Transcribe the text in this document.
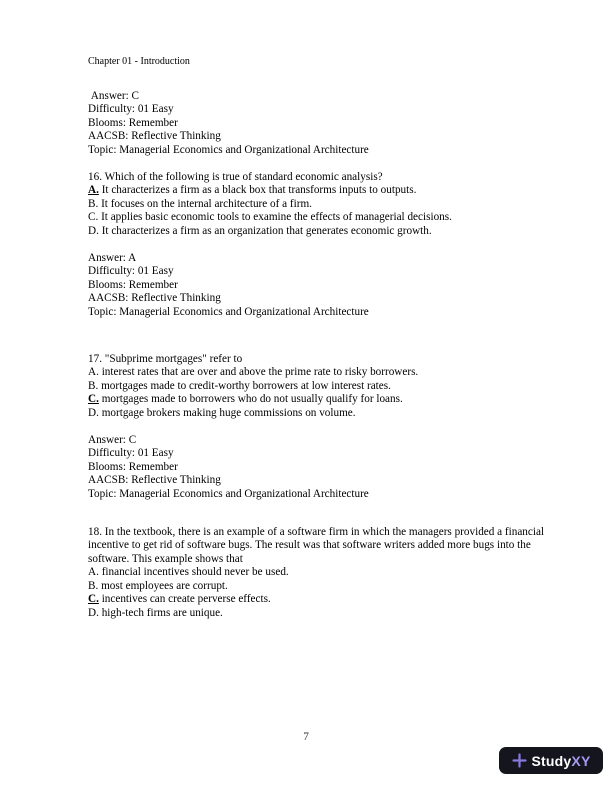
Chapter 01 - Introduction
Answer: C
Difficulty: 01 Easy
Blooms: Remember
AACSB: Reflective Thinking
Topic: Managerial Economics and Organizational Architecture
16. Which of the following is true of standard economic analysis?
A. It characterizes a firm as a black box that transforms inputs to outputs.
B. It focuses on the internal architecture of a firm.
C. It applies basic economic tools to examine the effects of managerial decisions.
D. It characterizes a firm as an organization that generates economic growth.
Answer: A
Difficulty: 01 Easy
Blooms: Remember
AACSB: Reflective Thinking
Topic: Managerial Economics and Organizational Architecture
17. "Subprime mortgages" refer to
A. interest rates that are over and above the prime rate to risky borrowers.
B. mortgages made to credit-worthy borrowers at low interest rates.
C. mortgages made to borrowers who do not usually qualify for loans.
D. mortgage brokers making huge commissions on volume.
Answer: C
Difficulty: 01 Easy
Blooms: Remember
AACSB: Reflective Thinking
Topic: Managerial Economics and Organizational Architecture
18. In the textbook, there is an example of a software firm in which the managers provided a financial incentive to get rid of software bugs. The result was that software writers added more bugs into the software. This example shows that
A. financial incentives should never be used.
B. most employees are corrupt.
C. incentives can create perverse effects.
D. high-tech firms are unique.
7
StudyXY
